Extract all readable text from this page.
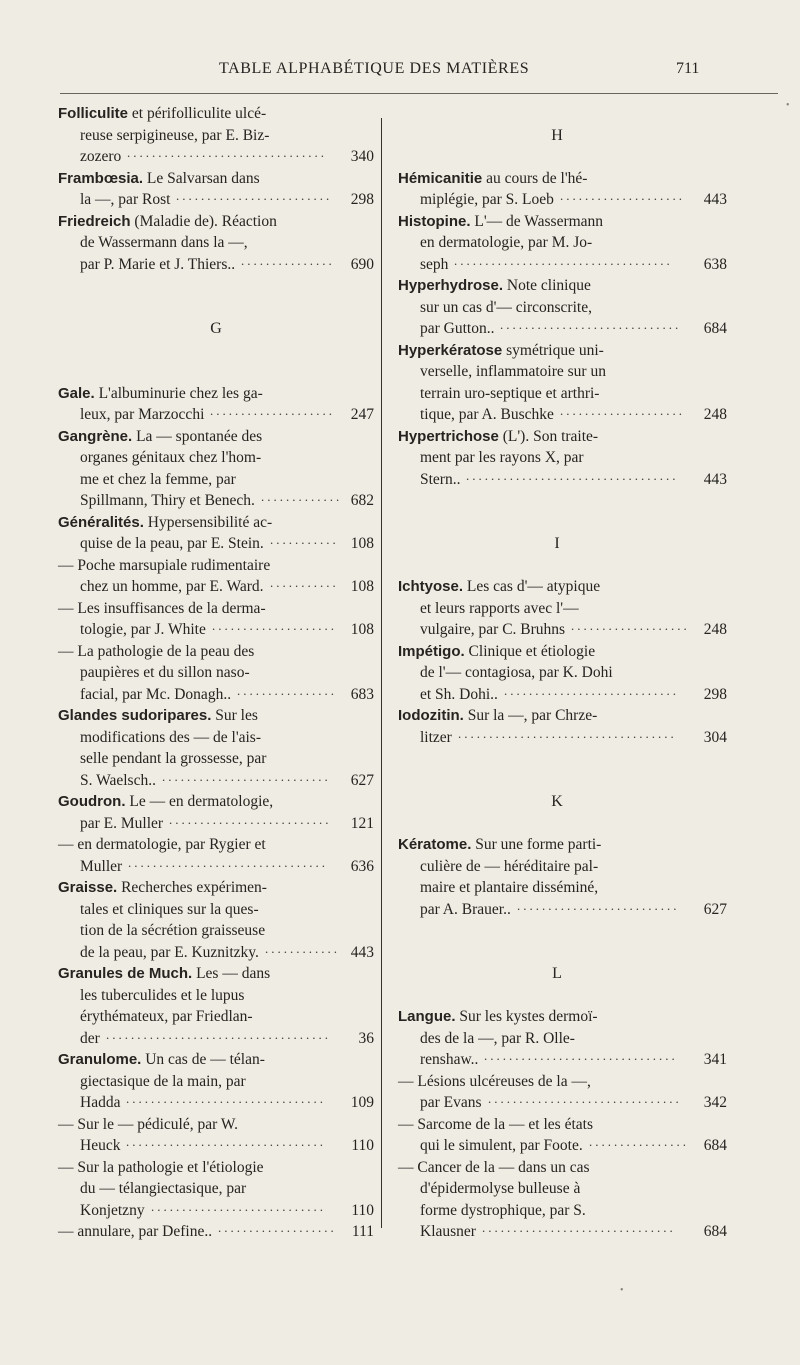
TABLE ALPHABÉTIQUE DES MATIÈRES	711
Folliculite et périfolliculite ulcé-
reuse serpigineuse, par E. Biz-
zozero ................................	340
Frambœsia. Le Salvarsan dans
la —, par Rost .........................	298
Friedreich (Maladie de). Réaction
de Wassermann dans la —,
par P. Marie et J. Thiers.. ...............	690
G
Gale. L'albuminurie chez les ga-
leux, par Marzocchi ....................	247
Gangrène. La — spontanée des
organes génitaux chez l'hom-
me et chez la femme, par
Spillmann, Thiry et Benech. ............. 682
Généralités. Hypersensibilité ac-
quise de la peau, par E. Stein. ........... 108
— Poche marsupiale rudimentaire
chez un homme, par E. Ward. ........... 108
— Les insuffisances de la derma-
tologie, par J. White .................... 108
— La pathologie de la peau des
paupières et du sillon naso-
facial, par Mc. Donagh.. ................ 683
Glandes sudoripares. Sur les
modifications des — de l'ais-
selle pendant la grossesse, par
S. Waelsch.. ...........................	627
Goudron. Le — en dermatologie,
par E. Muller ..........................	121
— en dermatologie, par Rygier et
Muller ................................	636
Graisse. Recherches expérimen-
tales et cliniques sur la ques-
tion de la sécrétion graisseuse
de la peau, par E. Kuznitzky. ............ 443
Granules de Much. Les — dans
les tuberculides et le lupus
érythémateux, par Friedlan-
der ....................................	36
Granulome. Un cas de — télan-
giectasique de la main, par
Hadda ................................	109
— Sur le — pédiculé, par W.
Heuck ................................	110
— Sur la pathologie et l'étiologie
du — télangiectasique, par
Konjetzny ............................	110
— annulare, par Define.. ................... 111
H
Hémicanitie au cours de l'hé-
miplégie, par S. Loeb ....................	443
Histopine. L'— de Wassermann
en dermatologie, par M. Jo-
seph ...................................	638
Hyperhydrose. Note clinique
sur un cas d'— circonscrite,
par Gutton.. .............................	684
Hyperkératose symétrique uni-
verselle, inflammatoire sur un
terrain uro-septique et arthri-
tique, par A. Buschke ....................	248
Hypertrichose (L'). Son traite-
ment par les rayons X, par
Stern.. ..................................	443
I
Ichtyose. Les cas d'— atypique
et leurs rapports avec l'—
vulgaire, par C. Bruhns ................... 248
Impétigo. Clinique et étiologie
de l'— contagiosa, par K. Dohi
et Sh. Dohi.. ............................	298
Iodozitin. Sur la —, par Chrze-
litzer ...................................	304
K
Kératome. Sur une forme parti-
culière de — héréditaire pal-
maire et plantaire disséminé,
par A. Brauer.. ..........................	627
L
Langue. Sur les kystes dermoï-
des de la —, par R. Olle-
renshaw.. ...............................	341
— Lésions ulcéreuses de la —,
par Evans ...............................	342
— Sarcome de la — et les états
qui le simulent, par Foote. ................ 684
— Cancer de la — dans un cas
d'épidermolyse bulleuse à
forme dystrophique, par S.
Klausner ...............................	684
•
•
